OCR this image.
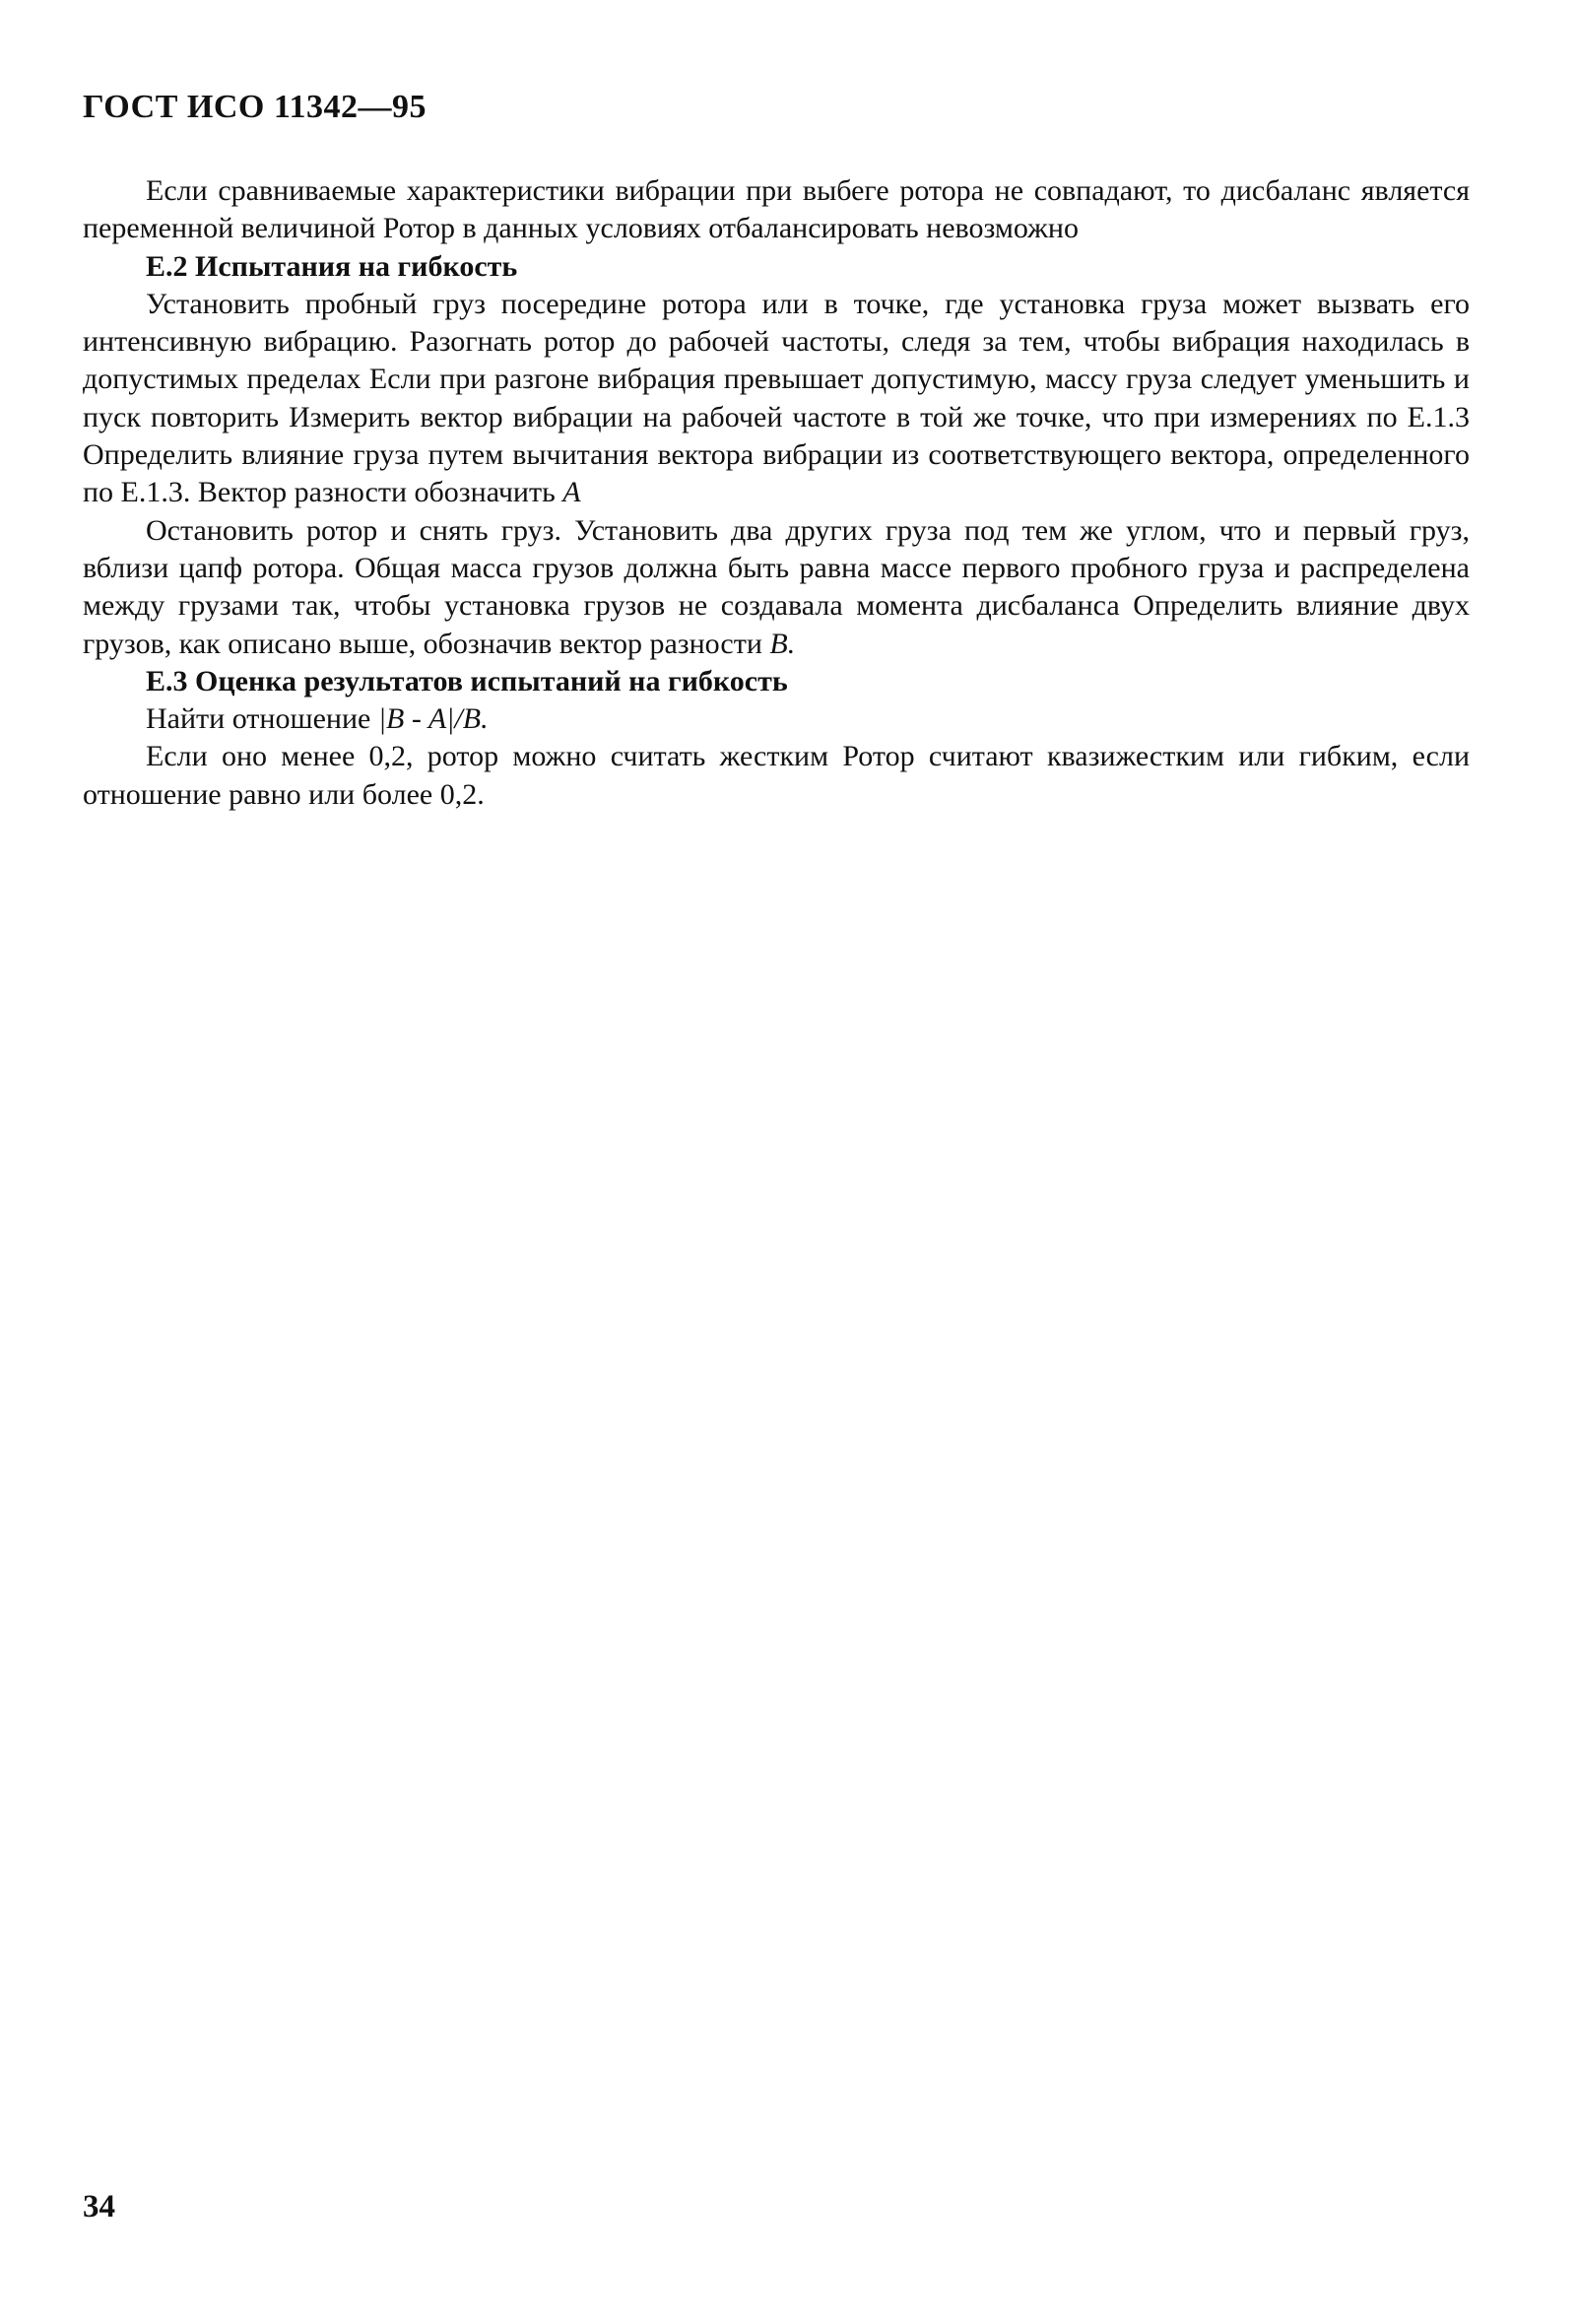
ГОСТ ИСО 11342—95

Если сравниваемые характеристики вибрации при выбеге ротора не совпадают, то дисбаланс является переменной величиной Ротор в данных условиях отбалансировать невозможно

Е.2 Испытания на гибкость

Установить пробный груз посередине ротора или в точке, где установка груза может вызвать его интенсивную вибрацию. Разогнать ротор до рабочей частоты, следя за тем, чтобы вибрация находилась в допустимых пределах Если при разгоне вибрация превышает допустимую, массу груза следует уменьшить и пуск повторить Измерить вектор вибрации на рабочей частоте в той же точке, что при измерениях по Е.1.3 Определить влияние груза путем вычитания вектора вибрации из соответствующего вектора, определенного по Е.1.3. Вектор разности обозначить A

Остановить ротор и снять груз. Установить два других груза под тем же углом, что и первый груз, вблизи цапф ротора. Общая масса грузов должна быть равна массе первого пробного груза и распределена между грузами так, чтобы установка грузов не создавала момента дисбаланса Определить влияние двух грузов, как описано выше, обозначив вектор разности B.

Е.3 Оценка результатов испытаний на гибкость

Найти отношение |B - A|/B.

Если оно менее 0,2, ротор можно считать жестким Ротор считают квазижестким или гибким, если отношение равно или более 0,2.

34
